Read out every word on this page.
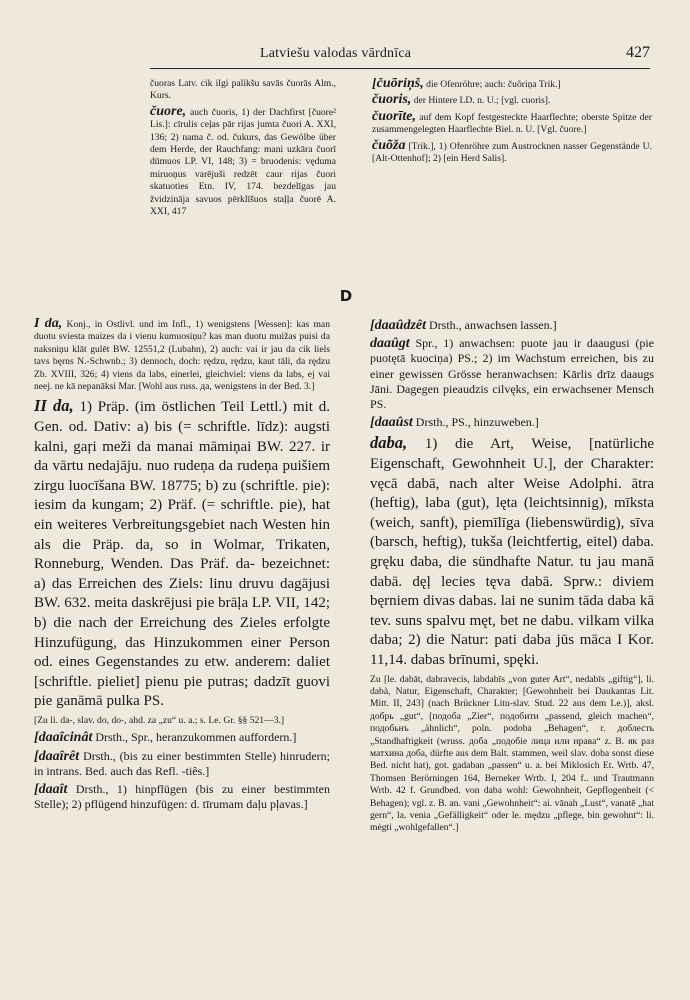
Latviešu valodas vārdnīca	427

čuoras Latv. cik ilgi palikšu savās čuorās Alm., Kurs.

čuore, auch čuoris, 1) der Dachfirst [čuore² Lis.]: cīrulis ceļas pār rijas jumta čuori A. XXI, 136; 2) nama č. od. čukurs, das Gewölbe über dem Herde, der Rauchfang: mani uzkāra čuorī dūmuos LP. VI, 148; 3) = bruodenis: vęduma miruoņus varējuši redzēt caur rijas čuori skatuoties Etn. IV, 174. bezdelīgas jau žvidzināja savuos pērklīšuos staļļa čuorē A. XXI, 417

[čuõriņš, die Ofenröhre; auch: čuõriņa Trik.]

čuoris, der Hintere LD. n. U.; [vgl. cuoris].

čuorīte, auf dem Kopf festgesteckte Haarflechte; oberste Spitze der zusammengelegten Haarflechte Biel. n. U. [Vgl. čuore.]

čuõža [Trik.], 1) Ofenröhre zum Austrocknen nasser Gegenstände U. [Alt-Ottenhof]; 2) [ein Herd Salis].

D

I da, Konj., in Ostlivl. und im Infl., 1) wenigstens [Wessen]: kas man duotu sviesta maizes da i vienu kumuosiņu? kas man duotu muižas puisi da naksniņu klāt gulēt BW. 12551,2 (Lubahn), 2) auch: vai ir jau da cik liels tavs bęrns N.-Schwnb.; 3) dennoch, doch: rędzu, rędzu, kaut tāli, da rędzu Zb. XVIII, 326; 4) viens da labs, einerlei, gleichviel: viens da labs, ej vai neej. ne kā nepanāksi Mar. [Wohl aus russ. да, wenigstens in der Bed. 3.]

II da, 1) Präp. (im östlichen Teil Lettl.) mit d. Gen. od. Dativ: a) bis (= schriftle. līdz): augsti kalni, gaŗi meži da manai māmiņai BW. 227. ir da vārtu nedajāju. nuo rudeņa da rudeņa puišiem zirgu luocīšana BW. 18775; b) zu (schriftle. pie): iesim da kungam; 2) Präf. (= schriftle. pie), hat ein weiteres Verbreitungsgebiet nach Westen hin als die Präp. da, so in Wolmar, Trikaten, Ronneburg, Wenden. Das Präf. da- bezeichnet: a) das Erreichen des Ziels: linu druvu dagājusi BW. 632. meita daskrējusi pie brāļa LP. VII, 142; b) die nach der Erreichung des Zieles erfolgte Hinzufügung, das Hinzukommen einer Person od. eines Gegenstandes zu etw. anderem: daliet [schriftle. pieliet] pienu pie putras; dadzīt guovi pie ganāmā pulka PS.

[Zu li. da-, slav. do, do-, ahd. za „zu“ u. a.; s. Le. Gr. §§ 521—3.]

[daaîcinât Drsth., Spr., heranzukommen auffordern.]

[daaîrêt Drsth., (bis zu einer bestimmten Stelle) hinrudern; in intrans. Bed. auch das Refl. -tiês.]

[daaît Drsth., 1) hinpflügen (bis zu einer bestimmten Stelle); 2) pflügend hinzufügen: d. tīrumam daļu pļavas.]

[daaûdzêt Drsth., anwachsen lassen.]

daaûgt Spr., 1) anwachsen: puote jau ir daaugusi (pie puotętā kuociņa) PS.; 2) im Wachstum erreichen, bis zu einer gewissen Grösse heranwachsen: Kārlis drīz daaugs Jāni. Dagegen pieaudzis cilvęks, ein erwachsener Mensch PS.

[daaûst Drsth., PS., hinzuweben.]

daba, 1) die Art, Weise, [natürliche Eigenschaft, Gewohnheit U.], der Charakter: vęcā dabā, nach alter Weise Adolphi. ātra (heftig), laba (gut), lęta (leichtsinnig), mīksta (weich, sanft), piemīlīga (liebenswürdig), sīva (barsch, heftig), tukša (leichtfertig, eitel) daba. gręku daba, die sündhafte Natur. tu jau manā dabā. dęļ lecies tęva dabā. Sprw.: diviem bęrniem divas dabas. lai ne sunim tāda daba kā tev. suns spalvu męt, bet ne dabu. vilkam vilka daba; 2) die Natur: pati daba jūs māca I Kor. 11,14. dabas brīnumi, spęki.

Zu [le. dabāt, dabravecis, labdabīs „von guter Art“, nedabīs „giftig“], li. dabà, Natur, Eigenschaft, Charakter; [Gewohnheit bei Daukantas Lit. Mitt. II, 243] (nach Brückner Litu-slav. Stud. 22 aus dem Le.)], aksl. добрь „gut“, [подоба „Zier“, подобити „passend, gleich machen“, подобьнъ „ähnlich“, poln. podoba „Behagen“, r. доблесть „Standhaftigkeit (wruss. доба „подобіе лица или нрава“ z. B. як раз матхина доба, dürfte aus dem Balt. stammen, weil slav. doba sonst diese Bed. nicht hat), got. gadaban „passen“ u. a. bei Miklosich Et. Wrtb. 47, Thomsen Berörningen 164, Berneker Wrtb. I, 204 f.. und Trautmann Wrtb. 42 f. Grundbed. von daba wohl: Gewohnheit, Gepflogenheit (< Behagen); vgl. z. B. an. vani „Gewohnheit“: ai. vānah „Lust“, vanatē „hat gern“, la. venia „Gefälligkeit“ oder le. mędzu „pflege, bin gewohnt“: li. mėgti „wohlgefallen“.]
